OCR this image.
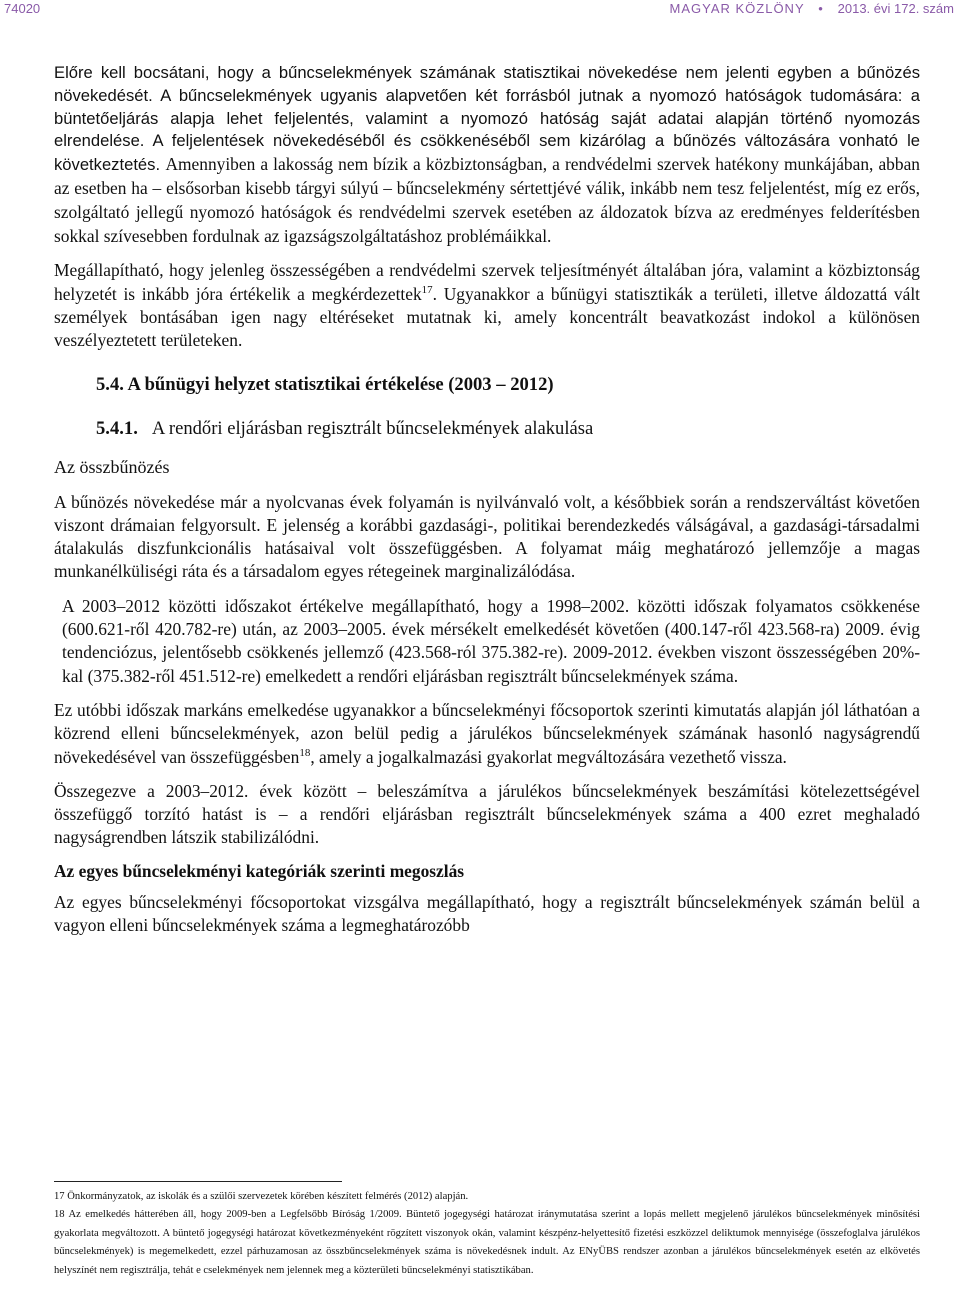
74020	MAGYAR KÖZLÖNY • 2013. évi 172. szám

Előre kell bocsátani, hogy a bűncselekmények számának statisztikai növekedése nem jelenti egyben a bűnözés növekedését. A bűncselekmények ugyanis alapvetően két forrásból jutnak a nyomozó hatóságok tudomására: a büntetőeljárás alapja lehet feljelentés, valamint a nyomozó hatóság saját adatai alapján történő nyomozás elrendelése. A feljelentések növekedéséből és csökkenéséből sem kizárólag a bűnözés változására vonható le következtetés. Amennyiben a lakosság nem bízik a közbiztonságban, a rendvédelmi szervek hatékony munkájában, abban az esetben ha – elsősorban kisebb tárgyi súlyú – bűncselekmény sértettjévé válik, inkább nem tesz feljelentést, míg ez erős, szolgáltató jellegű nyomozó hatóságok és rendvédelmi szervek esetében az áldozatok bízva az eredményes felderítésben sokkal szívesebben fordulnak az igazságszolgáltatáshoz problémáikkal.

Megállapítható, hogy jelenleg összességében a rendvédelmi szervek teljesítményét általában jóra, valamint a közbiztonság helyzetét is inkább jóra értékelik a megkérdezettek$^{17}$. Ugyanakkor a bűnügyi statisztikák a területi, illetve áldozattá vált személyek bontásában igen nagy eltéréseket mutatnak ki, amely koncentrált beavatkozást indokol a különösen veszélyeztetett területeken.

5.4. A bűnügyi helyzet statisztikai értékelése (2003 – 2012)
5.4.1. A rendőri eljárásban regisztrált bűncselekmények alakulása
Az összbűnözés

A bűnözés növekedése már a nyolcvanas évek folyamán is nyilvánvaló volt, a későbbiek során a rendszerváltást követően viszont drámaian felgyorsult. E jelenség a korábbi gazdasági-, politikai berendezkedés válságával, a gazdasági-társadalmi átalakulás diszfunkcionális hatásaival volt összefüggésben. A folyamat máig meghatározó jellemzője a magas munkanélküliségi ráta és a társadalom egyes rétegeinek marginalizálódása.

A 2003–2012 közötti időszakot értékelve megállapítható, hogy a 1998–2002. közötti időszak folyamatos csökkenése (600.621-ről 420.782-re) után, az 2003–2005. évek mérsékelt emelkedését követően (400.147-ről 423.568-ra) 2009. évig tendenciózus, jelentősebb csökkenés jellemző (423.568-ról 375.382-re). 2009-2012. években viszont összességében 20%-kal (375.382-ről 451.512-re) emelkedett a rendőri eljárásban regisztrált bűncselekmények száma.

Ez utóbbi időszak markáns emelkedése ugyanakkor a bűncselekményi főcsoportok szerinti kimutatás alapján jól láthatóan a közrend elleni bűncselekmények, azon belül pedig a járulékos bűncselekmények számának hasonló nagyságrendű növekedésével van összefüggésben$^{18}$, amely a jogalkalmazási gyakorlat megváltozására vezethető vissza.

Összegezve a 2003–2012. évek között – beleszámítva a járulékos bűncselekmények beszámítási kötelezettségével összefüggő torzító hatást is – a rendőri eljárásban regisztrált bűncselekmények száma a 400 ezret meghaladó nagyságrendben látszik stabilizálódni.

Az egyes bűncselekményi kategóriák szerinti megoszlás

Az egyes bűncselekményi főcsoportokat vizsgálva megállapítható, hogy a regisztrált bűncselekmények számán belül a vagyon elleni bűncselekmények száma a legmeghatározóbb

17 Önkormányzatok, az iskolák és a szülői szervezetek körében készített felmérés (2012) alapján.
18 Az emelkedés hátterében áll, hogy 2009-ben a Legfelsőbb Bíróság 1/2009. Büntető jogegységi határozat iránymutatása szerint a lopás mellett megjelenő járulékos bűncselekmények minősítési gyakorlata megváltozott. A büntető jogegységi határozat következményeként rögzített viszonyok okán, valamint készpénz-helyettesítő fizetési eszközzel deliktumok mennyisége (összefoglalva járulékos bűncselekmények) is megemelkedett, ezzel párhuzamosan az összbűncselekmények száma is növekedésnek indult. Az ENyÜBS rendszer azonban a járulékos bűncselekmények esetén az elkövetés helyszínét nem regisztrálja, tehát e cselekmények nem jelennek meg a közterületi bűncselekményi statisztikában.
